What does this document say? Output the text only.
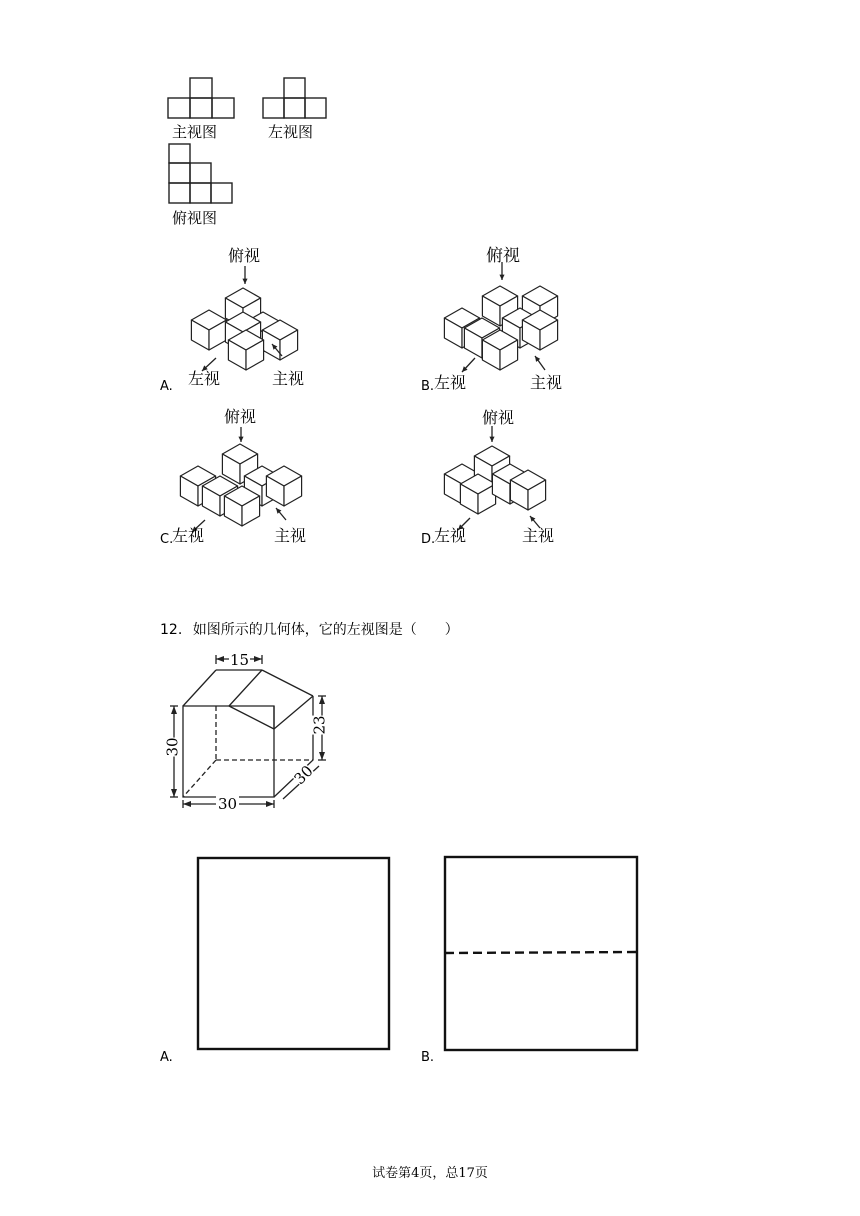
主视图	左视图
俯视图
俯视
左视	主视
A.
俯视
左视	主视
B.
俯视
左视	主视
C.
俯视
左视	主视
D.
12. 如图所示的几何体，它的左视图是（　　）
15
30
23
30
30
A.	B.
试卷第4页，总17页
